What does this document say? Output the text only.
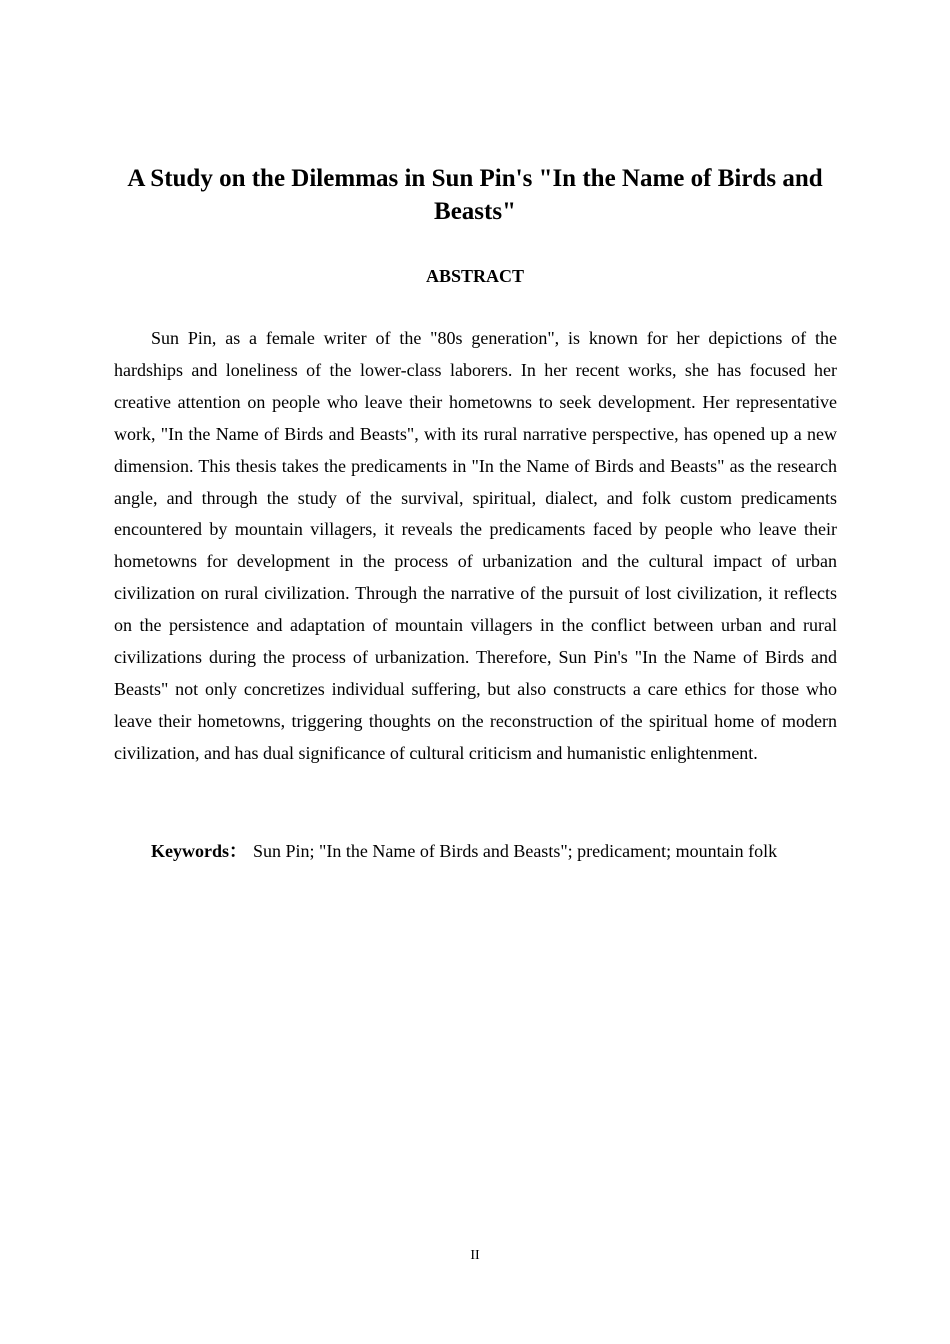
A Study on the Dilemmas in Sun Pin's "In the Name of Birds and Beasts"
ABSTRACT

Sun Pin, as a female writer of the "80s generation", is known for her depictions of the hardships and loneliness of the lower-class laborers. In her recent works, she has focused her creative attention on people who leave their hometowns to seek development. Her representative work, "In the Name of Birds and Beasts", with its rural narrative perspective, has opened up a new dimension. This thesis takes the predicaments in "In the Name of Birds and Beasts" as the research angle, and through the study of the survival, spiritual, dialect, and folk custom predicaments encountered by mountain villagers, it reveals the predicaments faced by people who leave their hometowns for development in the process of urbanization and the cultural impact of urban civilization on rural civilization. Through the narrative of the pursuit of lost civilization, it reflects on the persistence and adaptation of mountain villagers in the conflict between urban and rural civilizations during the process of urbanization. Therefore, Sun Pin's "In the Name of Birds and Beasts" not only concretizes individual suffering, but also constructs a care ethics for those who leave their hometowns, triggering thoughts on the reconstruction of the spiritual home of modern civilization, and has dual significance of cultural criticism and humanistic enlightenment.

Keywords： Sun Pin; "In the Name of Birds and Beasts"; predicament; mountain folk

II
